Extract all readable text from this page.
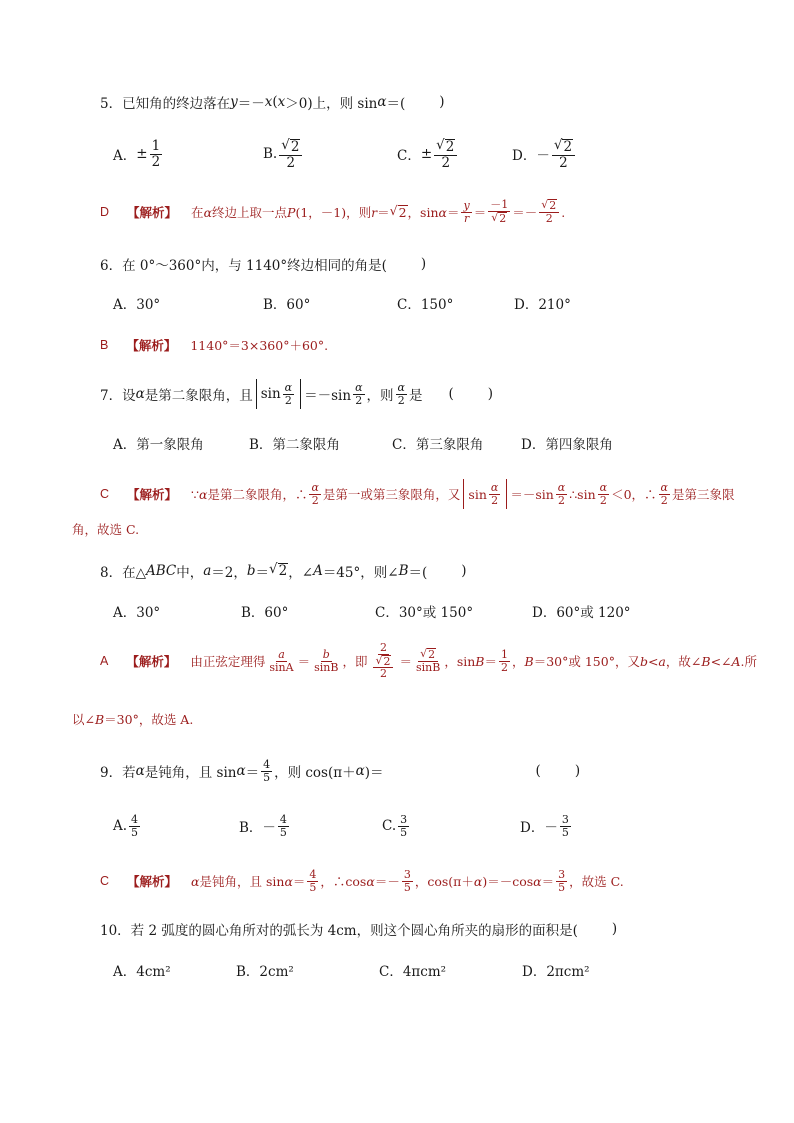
5．已知角的终边落在 y ＝－ x ( x ＞0)上，则 sin α ＝(	)
A． ± $\frac{1}{2}$	B. $\frac{√ 2}{2}$	C． ± $\frac{√ 2}{2}$	D． － $\frac{√ 2}{2}$
D 【解析】 在 α 终边上取一点 P (1，－1)，则 r ＝ √ 2 ，$\sin \alpha = \frac{y}{r} = \frac{-1}{√ 2} =- \frac{√ 2}{2}$ .
6．在 0°～360°内，与 1140°终边相同的角是(	)
A．30°	B．60°	C．150°	D．210°
B 【解析】 1140°＝3×360°＋60°.
7．设 α 是第二象限角，且 $\sin \frac{\alpha}{2} =-\sin \frac{\alpha}{2}$ ，则 $\frac{\alpha}{2}$ 是 (	)
A．第一象限角	B．第二象限角	C．第三象限角	D．第四象限角
C 【解析】 ∵ α 是第二象限角，∴ $\frac{\alpha}{2}$ 是第一或第三象限角，又 $\sin \frac{\alpha}{2} =-\sin \frac{\alpha}{2}$ ∴sin $\frac{\alpha}{2} <0$，∴ $\frac{\alpha}{2}$ 是第三象限
角，故选 C.
8．在△ ABC 中， a ＝2， b ＝ √ 2 ，∠ A ＝45°，则∠ B ＝(	)
A．30°	B．60°	C．30°或 150°	D．60°或 120°
A 【解析】 由正弦定理得 $\frac{a}{\sin A} = \frac{b}{\sin B}$ ，即 $\frac{2}{\frac{√ 2}{2}} = \frac{√ 2}{\sin B}$ ，$\sin B = \frac{1}{2}$ ， B ＝30°或 150°，又 b<a ，故∠ B <∠ A .所
以∠ B ＝30°，故选 A.
9．若 α 是钝角，且 $\sin \alpha = \frac{4}{5}$ ，则 cos(π＋ α )＝	(	)
A. $\frac{4}{5}$	B．－ $\frac{4}{5}$	C. $\frac{3}{5}$	D．－ $\frac{3}{5}$
C 【解析】 α 是钝角，且 $\sin \alpha = \frac{4}{5}$ ，∴cos $\alpha =- \frac{3}{5}$ ，cos(π＋ α )＝－cos $\alpha = \frac{3}{5}$ ，故选 C.
10．若 2 弧度的圆心角所对的弧长为 4cm，则这个圆心角所夹的扇形的面积是(	)
A．4cm²	B．2cm²	C．4πcm²	D．2πcm²
